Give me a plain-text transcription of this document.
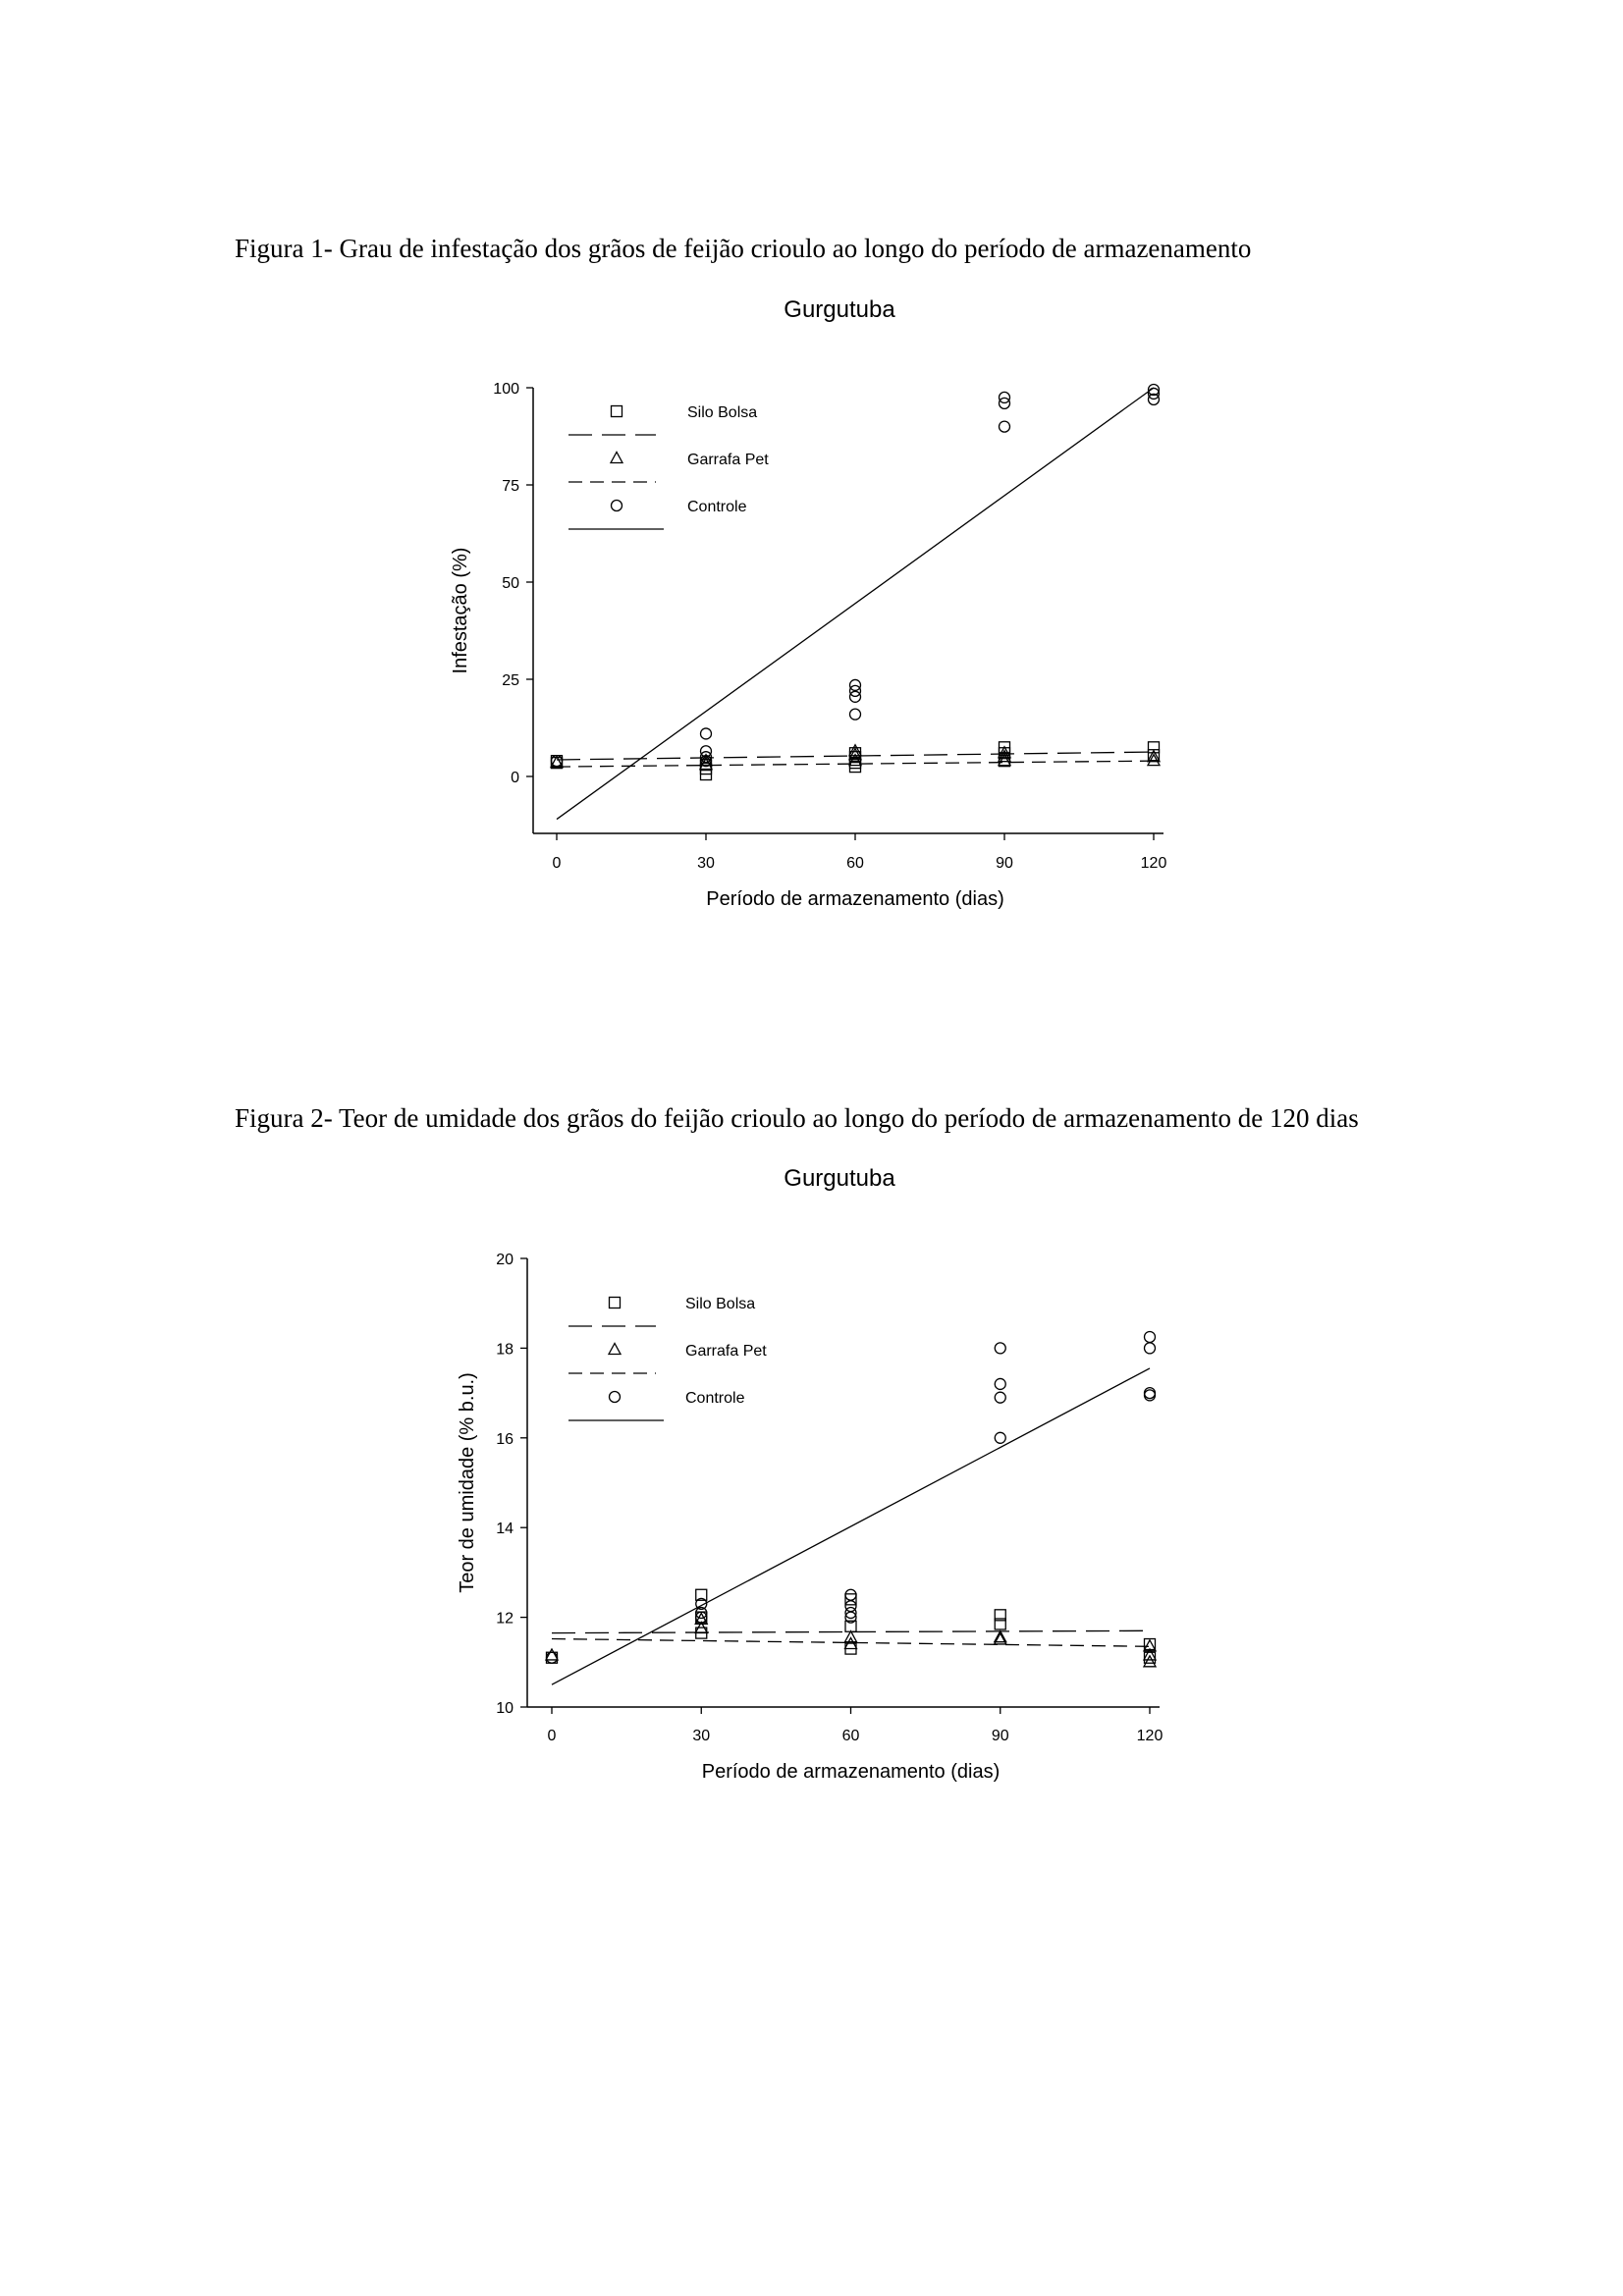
Figura 1- Grau de infestação dos grãos de feijão crioulo ao longo do período de armazenamento
Gurgutuba
Figura 2- Teor de umidade dos grãos do feijão crioulo ao longo do período de armazenamento de 120 dias
Gurgutuba
0
25
50
75
100
0	30	60	90	120
Período de armazenamento (dias)
Infestação (%)
Silo Bolsa
Garrafa Pet
Controle
10
12
14
16
18
20
0	30	60	90	120
Período de armazenamento (dias)
Teor de umidade (% b.u.)
Silo Bolsa
Garrafa Pet
Controle
